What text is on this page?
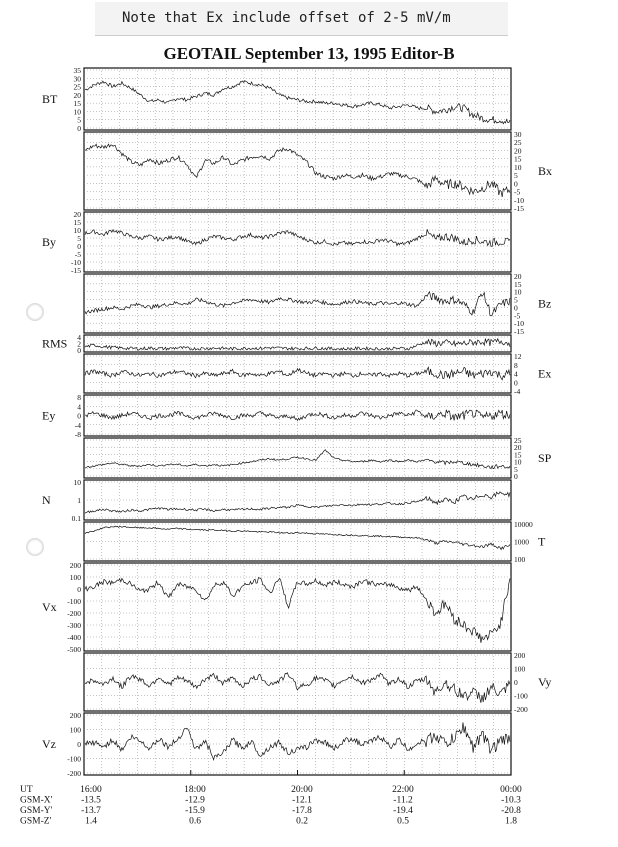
Note that Ex include offset of 2-5 mV/m
GEOTAIL September 13, 1995 Editor-B
35
30
25
20
15
10
5
0
BT
30
25
20
15
10
5
0
-5
-10
-15
Bx
20
15
10
5
0
-5
-10
-15
By
20
15
10
5
0
-5
-10
-15
Bz
4
2
0
RMS
12
8
4
0
-4
Ex
8
4
0
-4
-8
Ey
25
20
15
10
5
0
SP
10
1
0.1
N
10000
1000
100
T
200
100
0
-100
-200
-300
-400
-500
Vx
200
100
0
-100
-200
Vy
200
100
0
-100
-200
Vz
UT	16:00	18:00	20:00	22:00	00:00
GSM-X'	-13.5	-12.9	-12.1	-11.2	-10.3
GSM-Y'	-13.7	-15.9	-17.8	-19.4	-20.8
GSM-Z'	1.4	0.6	0.2	0.5	1.8
